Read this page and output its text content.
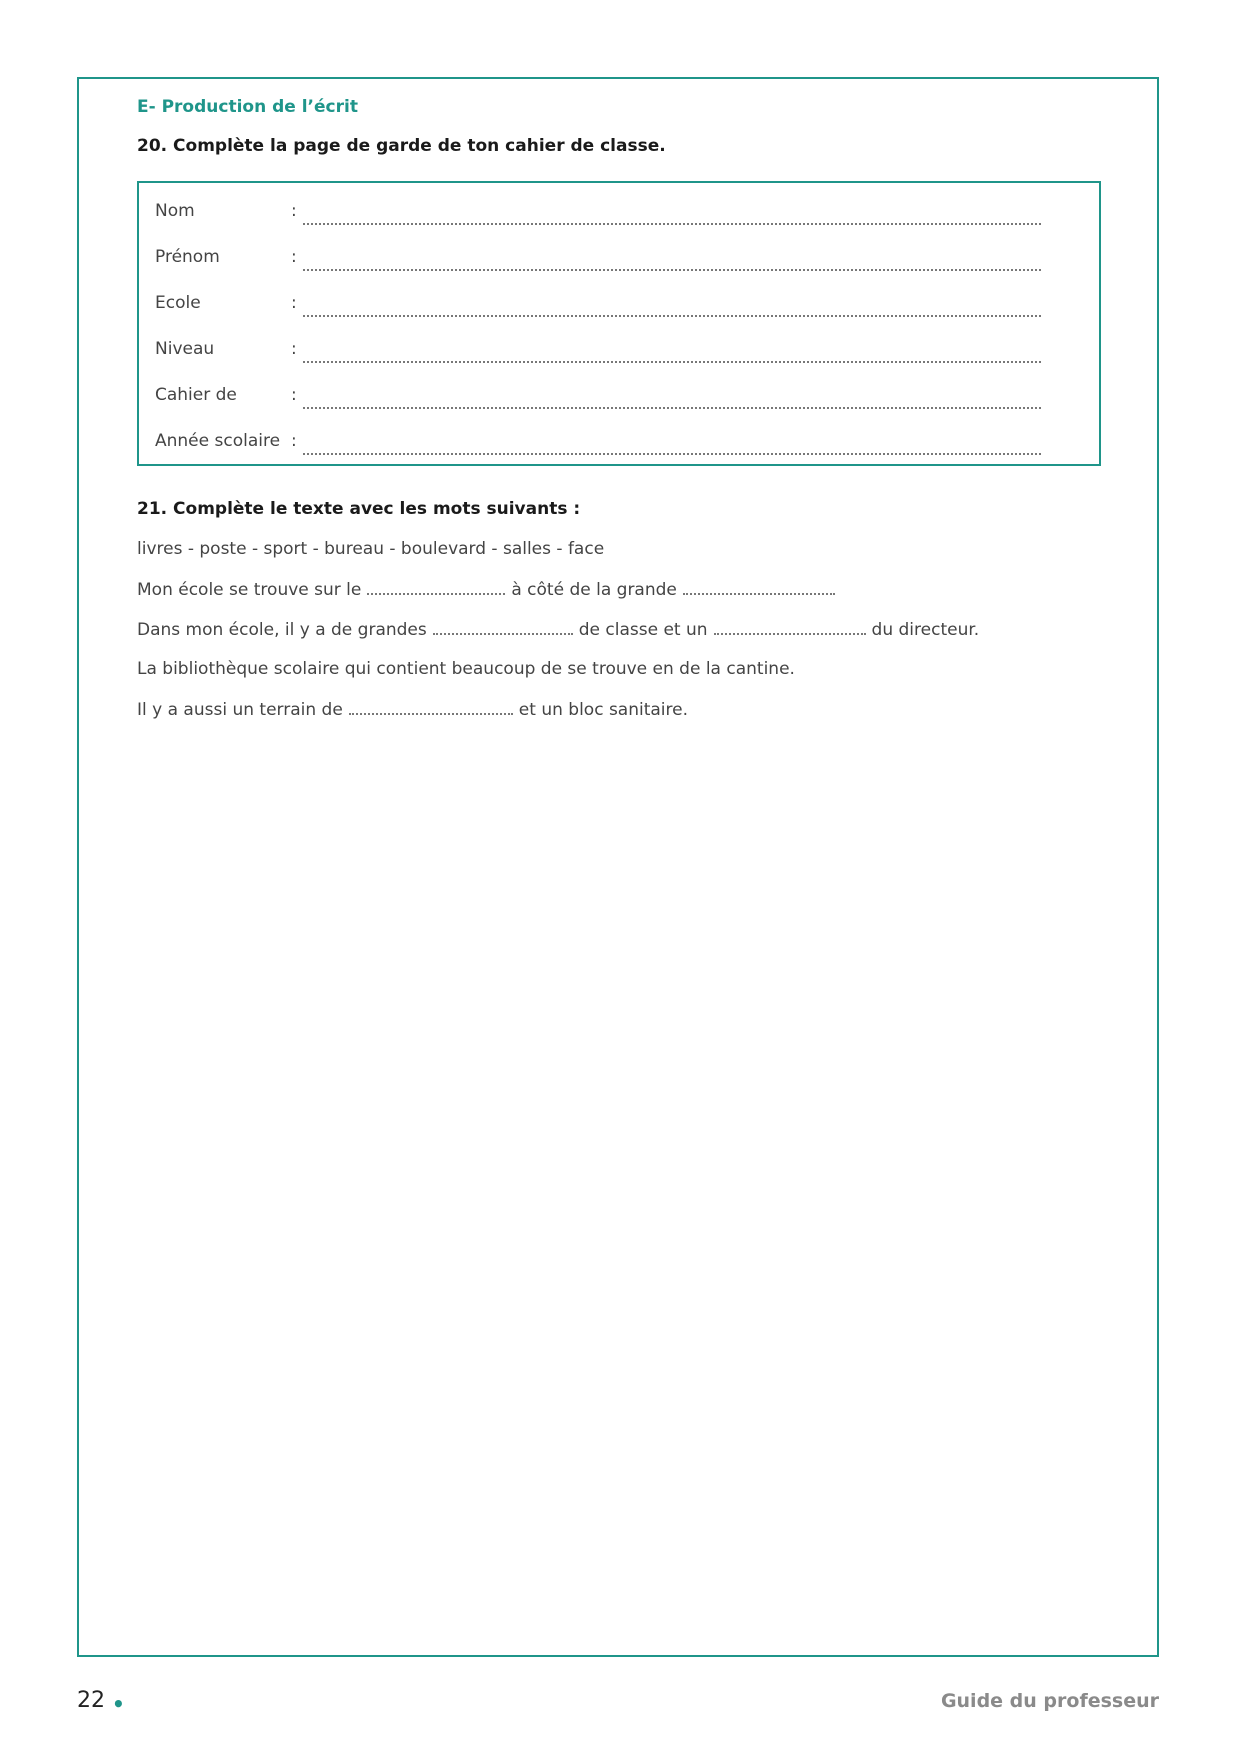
E- Production de l’écrit
20. Complète la page de garde de ton cahier de classe.
Nom	:
Prénom	:
Ecole	:
Niveau	:
Cahier de	:
Année scolaire :
21. Complète le texte avec les mots suivants :
livres - poste - sport - bureau - boulevard - salles - face
Mon école se trouve sur le	à côté de la grande
Dans mon école, il y a de grandes	de classe et un	du directeur.
La bibliothèque scolaire qui contient beaucoup de se trouve en de la cantine.
Il y a aussi un terrain de	et un bloc sanitaire.
22 •	Guide du professeur
